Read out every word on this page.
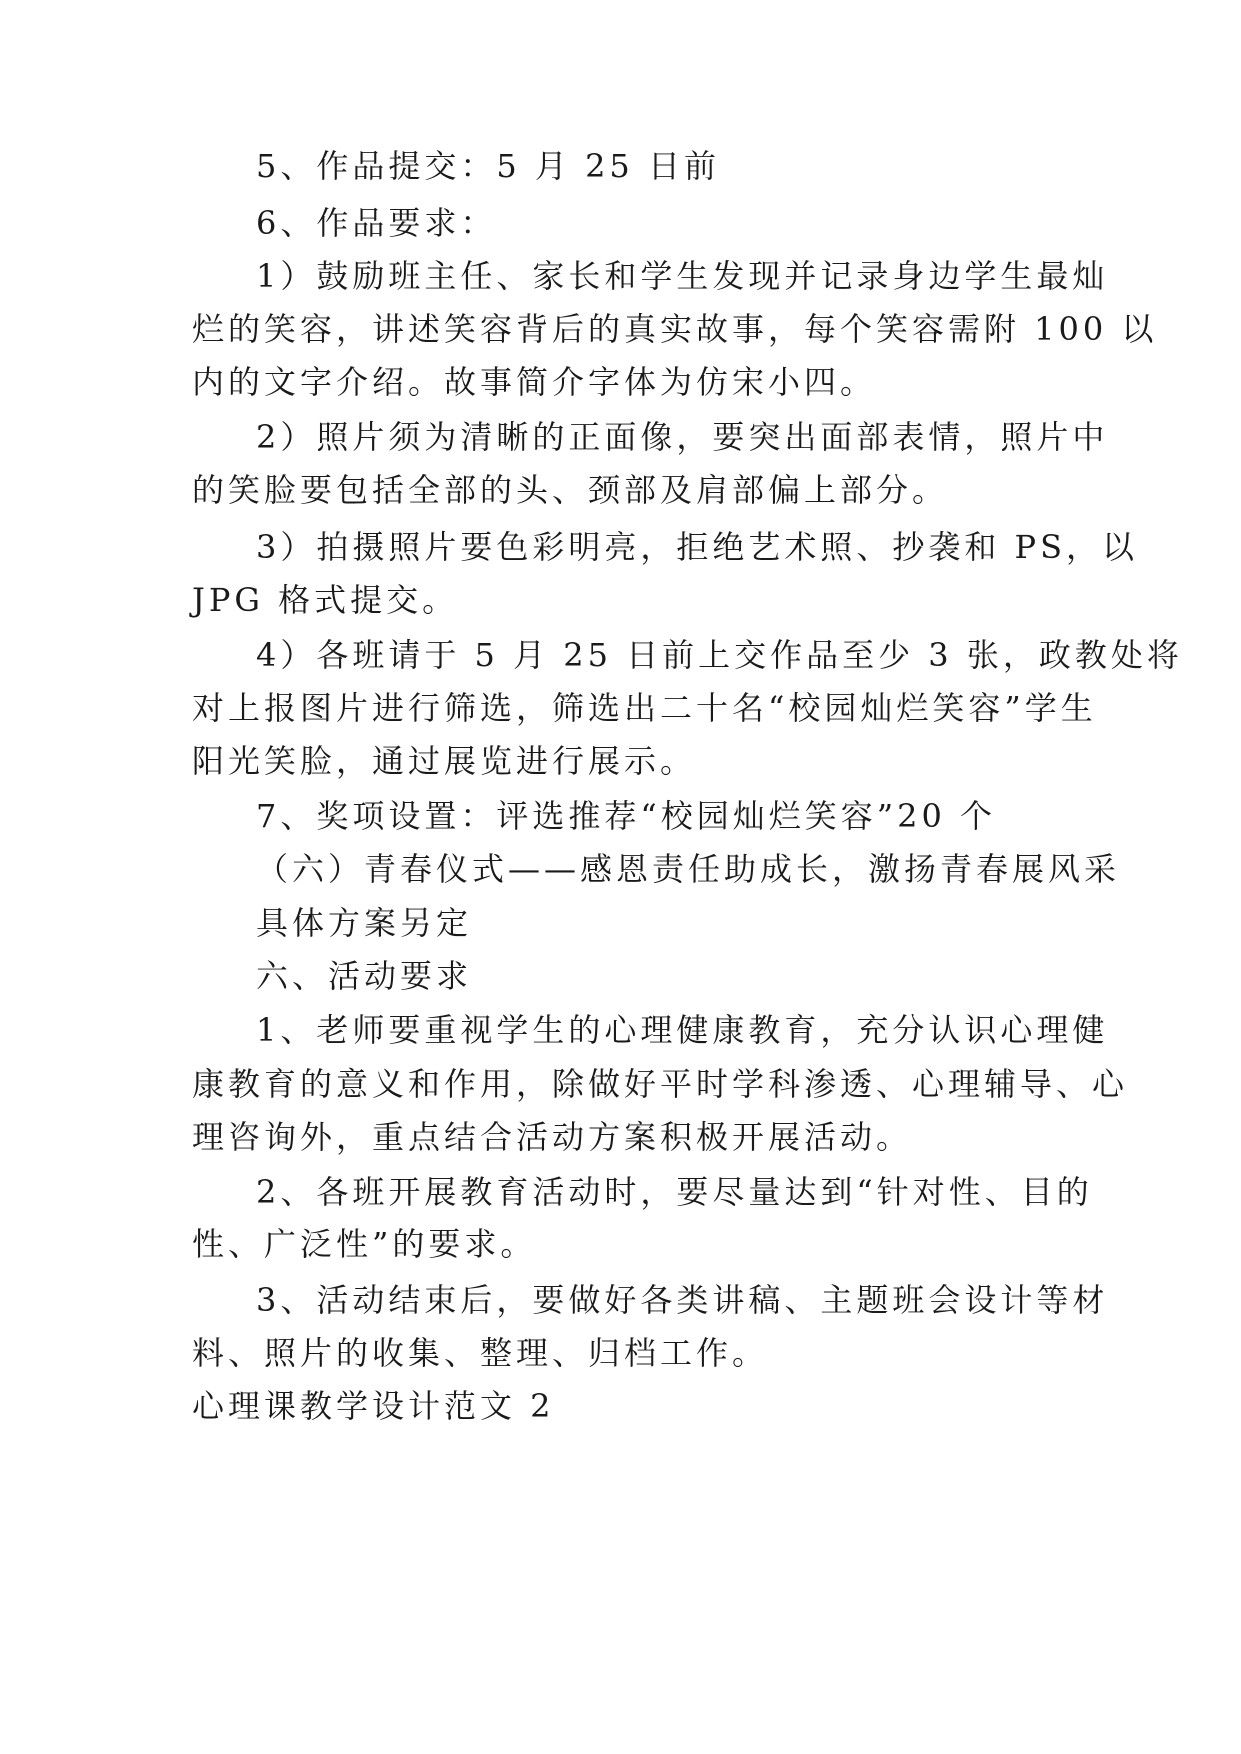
5、作品提交：5 月 25 日前
6、作品要求：
1）鼓励班主任、家长和学生发现并记录身边学生最灿
烂的笑容，讲述笑容背后的真实故事，每个笑容需附 100 以
内的文字介绍。故事简介字体为仿宋小四。
2）照片须为清晰的正面像，要突出面部表情，照片中
的笑脸要包括全部的头、颈部及肩部偏上部分。
3）拍摄照片要色彩明亮，拒绝艺术照、抄袭和 PS，以
JPG 格式提交。
4）各班请于 5 月 25 日前上交作品至少 3 张，政教处将
对上报图片进行筛选，筛选出二十名“校园灿烂笑容”学生
阳光笑脸，通过展览进行展示。
7、奖项设置：评选推荐“校园灿烂笑容”20 个
（六）青春仪式——感恩责任助成长，激扬青春展风采
具体方案另定
六、活动要求
1、老师要重视学生的心理健康教育，充分认识心理健
康教育的意义和作用，除做好平时学科渗透、心理辅导、心
理咨询外，重点结合活动方案积极开展活动。
2、各班开展教育活动时，要尽量达到“针对性、目的
性、广泛性”的要求。
3、活动结束后，要做好各类讲稿、主题班会设计等材
料、照片的收集、整理、归档工作。
心理课教学设计范文 2
